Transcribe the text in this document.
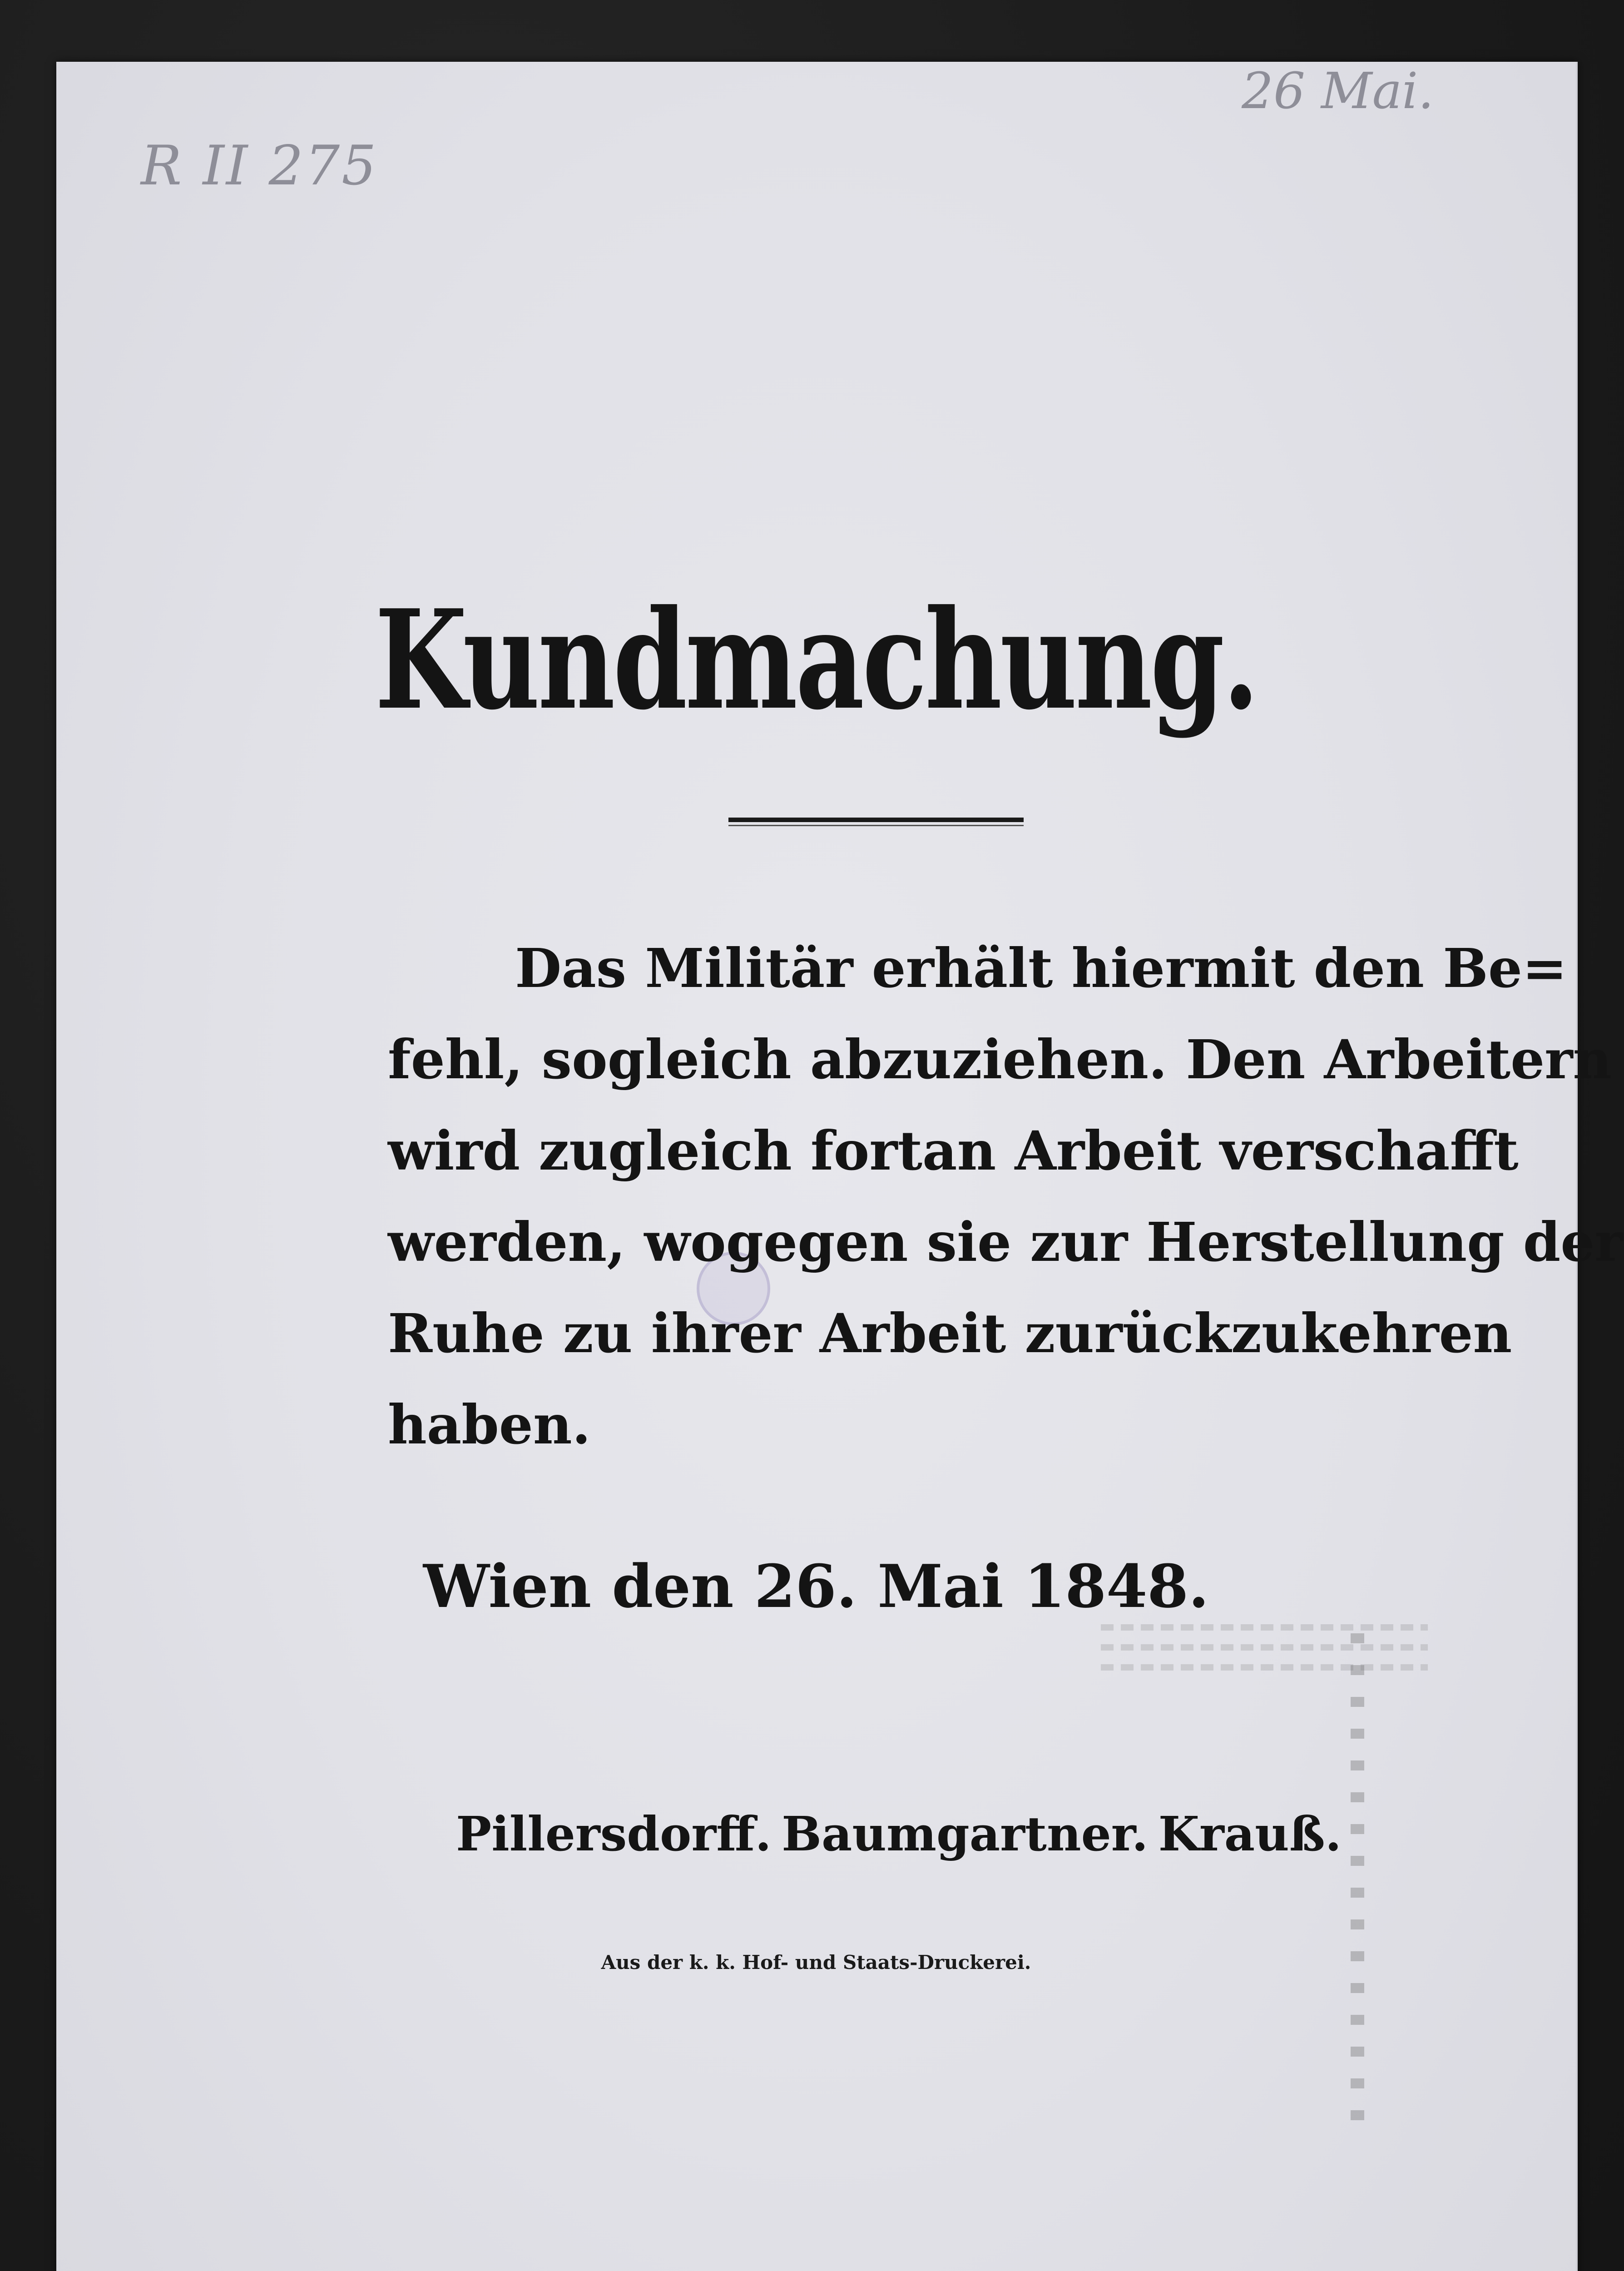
R II 275
26 Mai.
Kundmachung.
Das Militär erhält hiermit den Be=
fehl, sogleich abzuziehen. Den Arbeitern
wird zugleich fortan Arbeit verschafft
werden, wogegen sie zur Herstellung der
Ruhe zu ihrer Arbeit zurückzukehren
haben.
Wien den 26. Mai 1848.
Pillersdorff. Baumgartner. Krauß.
Aus der k. k. Hof- und Staats-Druckerei.
